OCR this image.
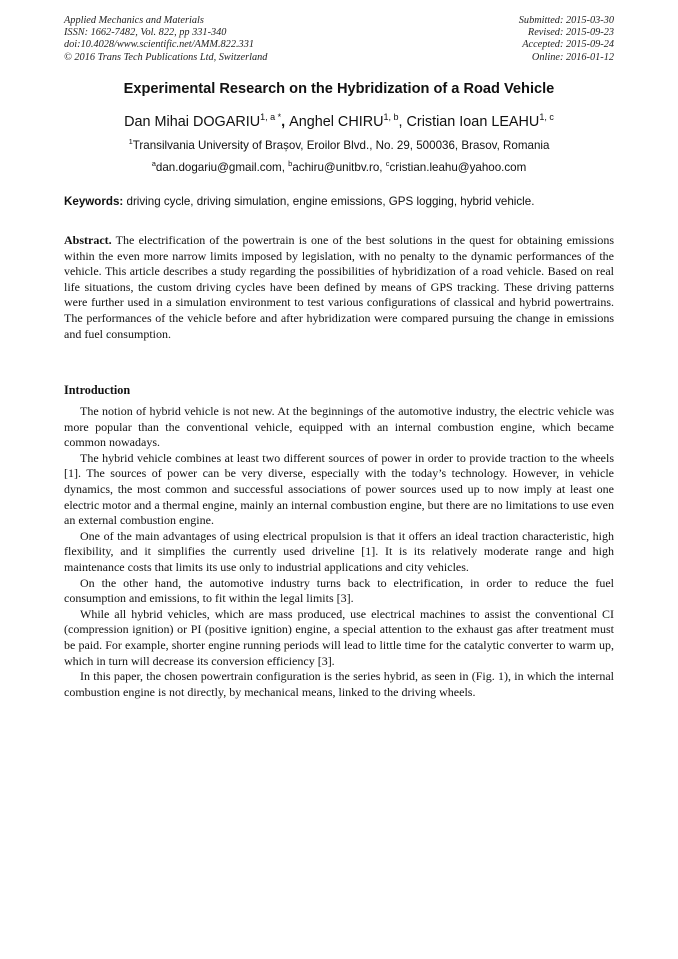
Applied Mechanics and Materials
ISSN: 1662-7482, Vol. 822, pp 331-340
doi:10.4028/www.scientific.net/AMM.822.331
© 2016 Trans Tech Publications Ltd, Switzerland
Submitted: 2015-03-30
Revised: 2015-09-23
Accepted: 2015-09-24
Online: 2016-01-12
Experimental Research on the Hybridization of a Road Vehicle
Dan Mihai $DOGARIU^{1, a *}$, Anghel CHIRU$^{1, b}$, Cristian Ioan LEAHU$^{1, c}$
$^1$Transilvania University of Brașov, Eroilor Blvd., No. 29, 500036, Brasov, Romania
$^a$dan.dogariu@gmail.com, $^b$achiru@unitbv.ro, $^c$cristian.leahu@yahoo.com
Keywords: driving cycle, driving simulation, engine emissions, GPS logging, hybrid vehicle.
Abstract. The electrification of the powertrain is one of the best solutions in the quest for obtaining emissions within the even more narrow limits imposed by legislation, with no penalty to the dynamic performances of the vehicle. This article describes a study regarding the possibilities of hybridization of a road vehicle. Based on real life situations, the custom driving cycles have been defined by means of GPS tracking. These driving patterns were further used in a simulation environment to test various configurations of classical and hybrid powertrains. The performances of the vehicle before and after hybridization were compared pursuing the change in emissions and fuel consumption.
Introduction

The notion of hybrid vehicle is not new. At the beginnings of the automotive industry, the electric vehicle was more popular than the conventional vehicle, equipped with an internal combustion engine, which became common nowadays.

The hybrid vehicle combines at least two different sources of power in order to provide traction to the wheels [1]. The sources of power can be very diverse, especially with the today’s technology. However, in vehicle dynamics, the most common and successful associations of power sources used up to now imply at least one electric motor and a thermal engine, mainly an internal combustion engine, but there are no limitations to use even an external combustion engine.

One of the main advantages of using electrical propulsion is that it offers an ideal traction characteristic, high flexibility, and it simplifies the currently used driveline [1]. It is its relatively moderate range and high maintenance costs that limits its use only to industrial applications and city vehicles.

On the other hand, the automotive industry turns back to electrification, in order to reduce the fuel consumption and emissions, to fit within the legal limits [3].

While all hybrid vehicles, which are mass produced, use electrical machines to assist the conventional CI (compression ignition) or PI (positive ignition) engine, a special attention to the exhaust gas after treatment must be paid. For example, shorter engine running periods will lead to little time for the catalytic converter to warm up, which in turn will decrease its conversion efficiency [3].

In this paper, the chosen powertrain configuration is the series hybrid, as seen in (Fig. 1), in which the internal combustion engine is not directly, by mechanical means, linked to the driving wheels.
